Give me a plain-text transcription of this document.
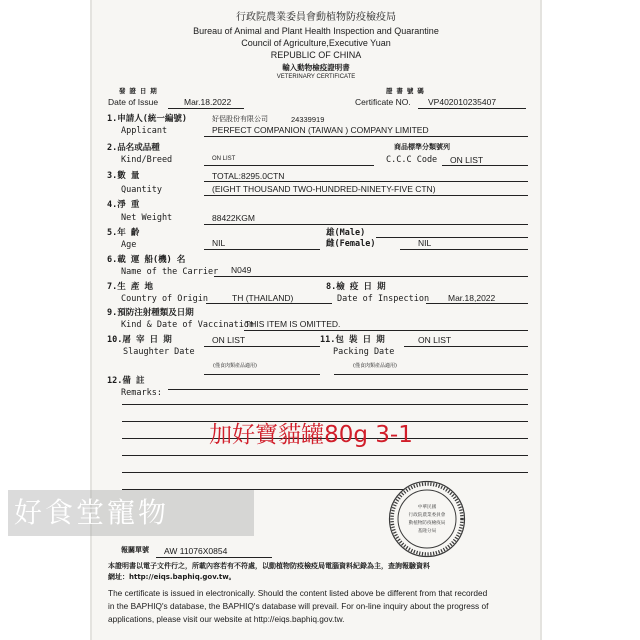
行政院農業委員會動植物防疫檢疫局
Bureau of Animal and Plant Health Inspection and Quarantine
Council of Agriculture,Executive Yuan
REPUBLIC OF CHINA
輸入動物檢疫證明書
VETERINARY CERTIFICATE
發 證 日 期
Date of Issue	Mar.18.2022
證 書 號 碼
Certificate NO. VP402010235407
1.申請人(統一編號)
Applicant
好侶股份有限公司	24339919
PERFECT COMPANION (TAIWAN ) COMPANY LIMITED
2.品名或品種
Kind/Breed	ON LIST
商品標準分類號列
C.C.C Code ON LIST
3.數 量
Quantity
TOTAL:8295.0CTN
(EIGHT THOUSAND TWO-HUNDRED-NINETY-FIVE CTN)
4.淨 重
Net Weight	88422KGM
5.年 齡
Age	NIL
雄(Male)
雌(Female)	NIL
6.載 運 船(機) 名
Name of the Carrier N049
7.生 產 地
Country of Origin	TH (THAILAND)
8.檢 疫 日 期
Date of Inspection Mar.18,2022
9.預防注射種類及日期
Kind & Date of Vaccination
THIS ITEM IS OMITTED.
10.屠 宰 日 期	ON LIST
Slaughter Date
(僅食肉類產品適用)
11.包 裝 日 期	ON LIST
Packing Date
(僅食肉類產品適用)
12.備 註
Remarks:
加好寶貓罐80g 3-1
好食堂寵物	中華民國
行政院農業委員會
動植物防疫檢疫局
基隆分局
報關單號 AW 11076X0854
本證明書以電子文件行之，所載內容若有不符處，以動植物防疫檢疫局電腦資料紀錄為主，查詢報驗資料
網址：http://eiqs.baphiq.gov.tw。
The certificate is issued in electronically. Should the content listed above be different from that recorded
in the BAPHIQ's database, the BAPHIQ's database will prevail. For on-line inquiry about the progress of
applications, please visit our website at http://eiqs.baphiq.gov.tw.
